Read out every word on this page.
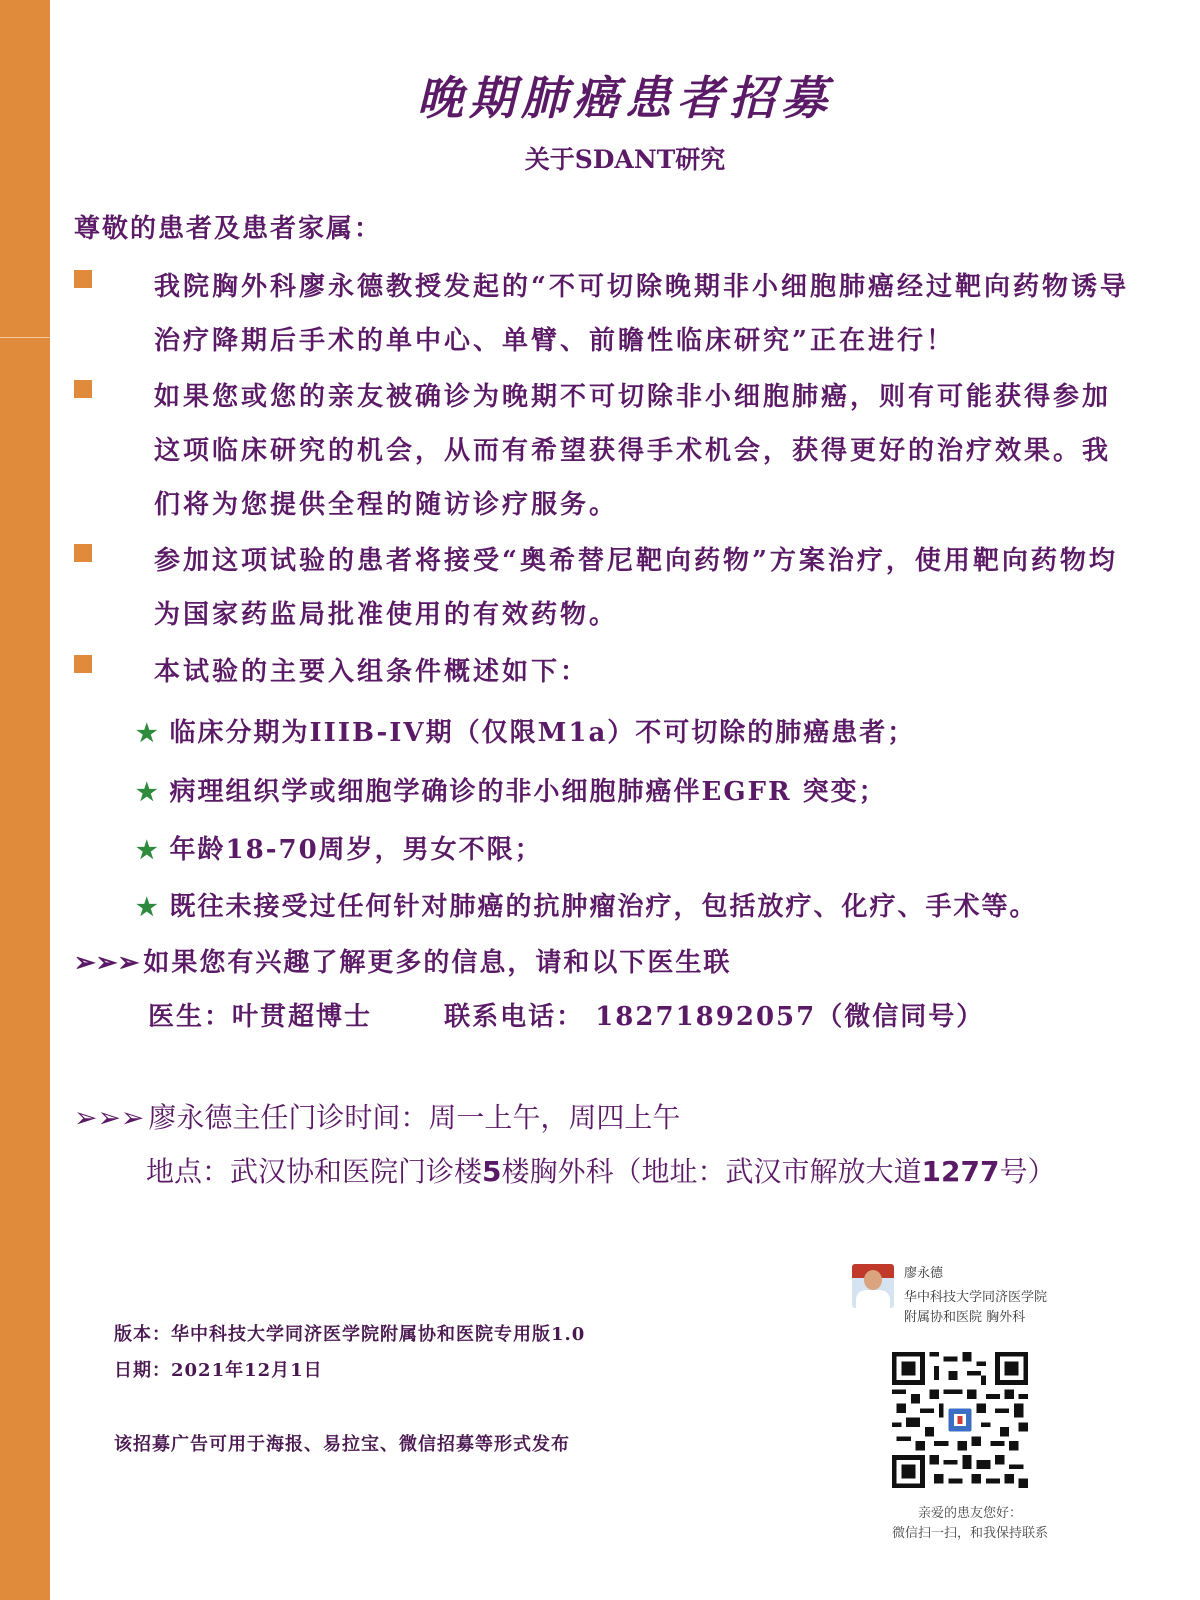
晚期肺癌患者招募
关于SDANT研究
尊敬的患者及患者家属：
我院胸外科廖永德教授发起的“不可切除晚期非小细胞肺癌经过靶向药物诱导治疗降期后手术的单中心、单臂、前瞻性临床研究”正在进行！
如果您或您的亲友被确诊为晚期不可切除非小细胞肺癌，则有可能获得参加这项临床研究的机会，从而有希望获得手术机会，获得更好的治疗效果。我们将为您提供全程的随访诊疗服务。
参加这项试验的患者将接受“奥希替尼靶向药物”方案治疗，使用靶向药物均为国家药监局批准使用的有效药物。
本试验的主要入组条件概述如下：
★ 临床分期为IIIB-IV期（仅限M1a）不可切除的肺癌患者；
★ 病理组织学或细胞学确诊的非小细胞肺癌伴EGFR 突变；
★ 年龄18-70周岁，男女不限；
★ 既往未接受过任何针对肺癌的抗肿瘤治疗，包括放疗、化疗、手术等。
➢➢➢ 如果您有兴趣了解更多的信息，请和以下医生联
医生：叶贯超博士	联系电话： 18271892057（微信同号）
➢➢➢ 廖永德主任门诊时间：周一上午，周四上午
地点：武汉协和医院门诊楼5楼胸外科（地址：武汉市解放大道1277号）
版本：华中科技大学同济医学院附属协和医院专用版1.0
日期：2021年12月1日
该招募广告可用于海报、易拉宝、微信招募等形式发布
廖永德
华中科技大学同济医学院
附属协和医院 胸外科
亲爱的患友您好：
微信扫一扫，和我保持联系
